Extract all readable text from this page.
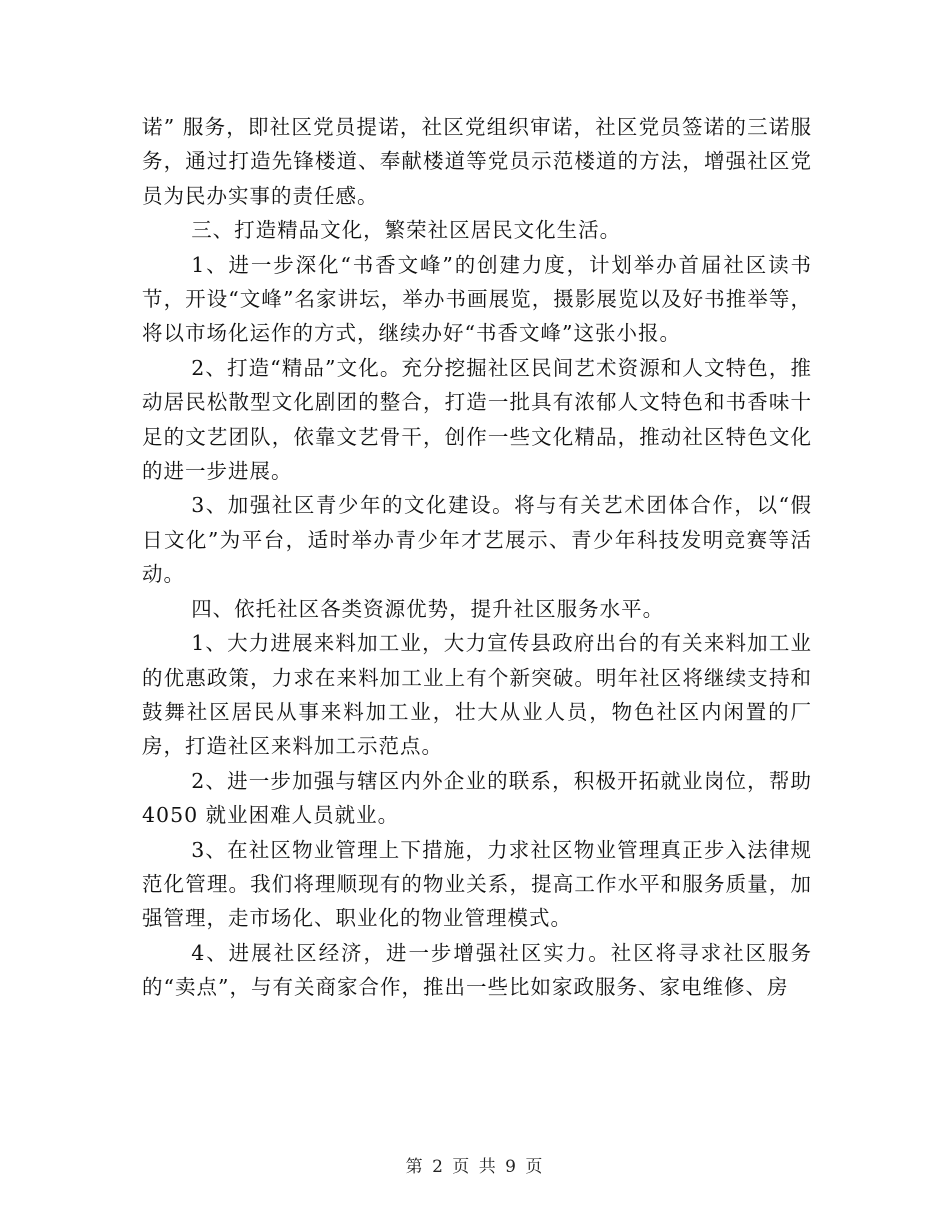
诺” 服务，即社区党员提诺，社区党组织审诺，社区党员签诺的三诺服务，通过打造先锋楼道、奉献楼道等党员示范楼道的方法，增强社区党员为民办实事的责任感。

三、打造精品文化，繁荣社区居民文化生活。

1、进一步深化“书香文峰”的创建力度，计划举办首届社区读书节，开设“文峰”名家讲坛，举办书画展览，摄影展览以及好书推举等，将以市场化运作的方式，继续办好“书香文峰”这张小报。

2、打造“精品”文化。充分挖掘社区民间艺术资源和人文特色，推动居民松散型文化剧团的整合，打造一批具有浓郁人文特色和书香味十足的文艺团队，依靠文艺骨干，创作一些文化精品，推动社区特色文化的进一步进展。

3、加强社区青少年的文化建设。将与有关艺术团体合作，以“假日文化”为平台，适时举办青少年才艺展示、青少年科技发明竞赛等活动。

四、依托社区各类资源优势，提升社区服务水平。

1、大力进展来料加工业，大力宣传县政府出台的有关来料加工业的优惠政策，力求在来料加工业上有个新突破。明年社区将继续支持和鼓舞社区居民从事来料加工业，壮大从业人员，物色社区内闲置的厂房，打造社区来料加工示范点。

2、进一步加强与辖区内外企业的联系，积极开拓就业岗位，帮助4050 就业困难人员就业。

3、在社区物业管理上下措施，力求社区物业管理真正步入法律规范化管理。我们将理顺现有的物业关系，提高工作水平和服务质量，加强管理，走市场化、职业化的物业管理模式。

4、进展社区经济，进一步增强社区实力。社区将寻求社区服务的“卖点”，与有关商家合作，推出一些比如家政服务、家电维修、房

第 2 页 共 9 页
